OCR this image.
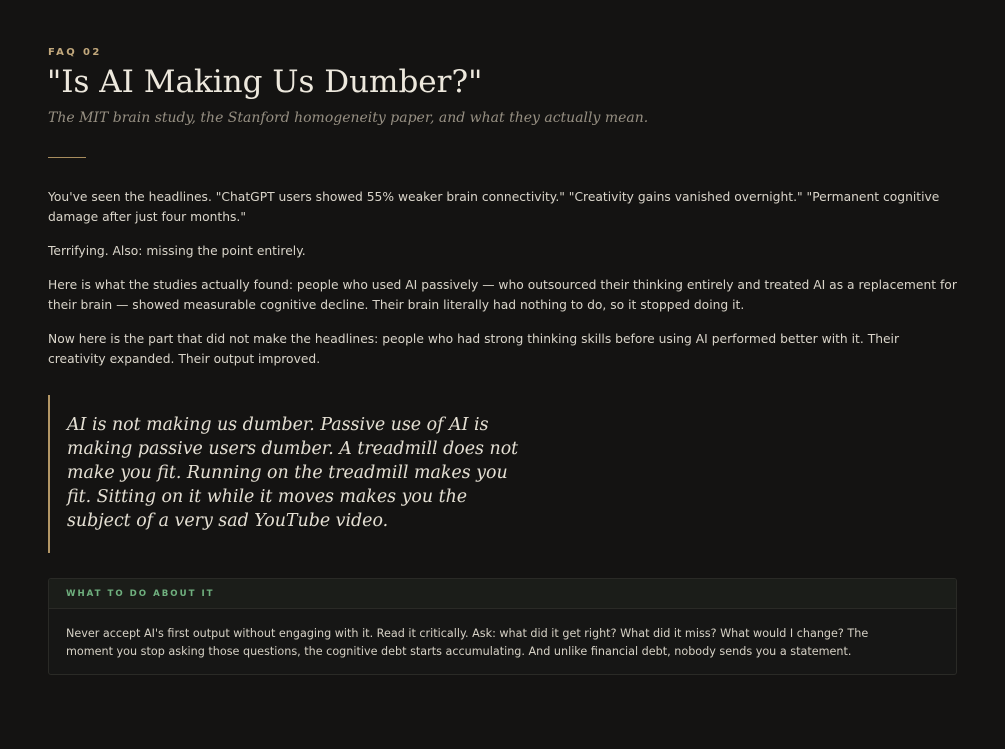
FAQ 02
"Is AI Making Us Dumber?"
The MIT brain study, the Stanford homogeneity paper, and what they actually mean.

You've seen the headlines. "ChatGPT users showed 55% weaker brain connectivity." "Creativity gains vanished overnight." "Permanent cognitive damage after just four months."

Terrifying. Also: missing the point entirely.

Here is what the studies actually found: people who used AI passively — who outsourced their thinking entirely and treated AI as a replacement for their brain — showed measurable cognitive decline. Their brain literally had nothing to do, so it stopped doing it.

Now here is the part that did not make the headlines: people who had strong thinking skills before using AI performed better with it. Their creativity expanded. Their output improved.

AI is not making us dumber. Passive use of AI is making passive users dumber. A treadmill does not make you fit. Running on the treadmill makes you fit. Sitting on it while it moves makes you the subject of a very sad YouTube video.
WHAT TO DO ABOUT IT
Never accept AI's first output without engaging with it. Read it critically. Ask: what did it get right? What did it miss? What would I change? The moment you stop asking those questions, the cognitive debt starts accumulating. And unlike financial debt, nobody sends you a statement.
